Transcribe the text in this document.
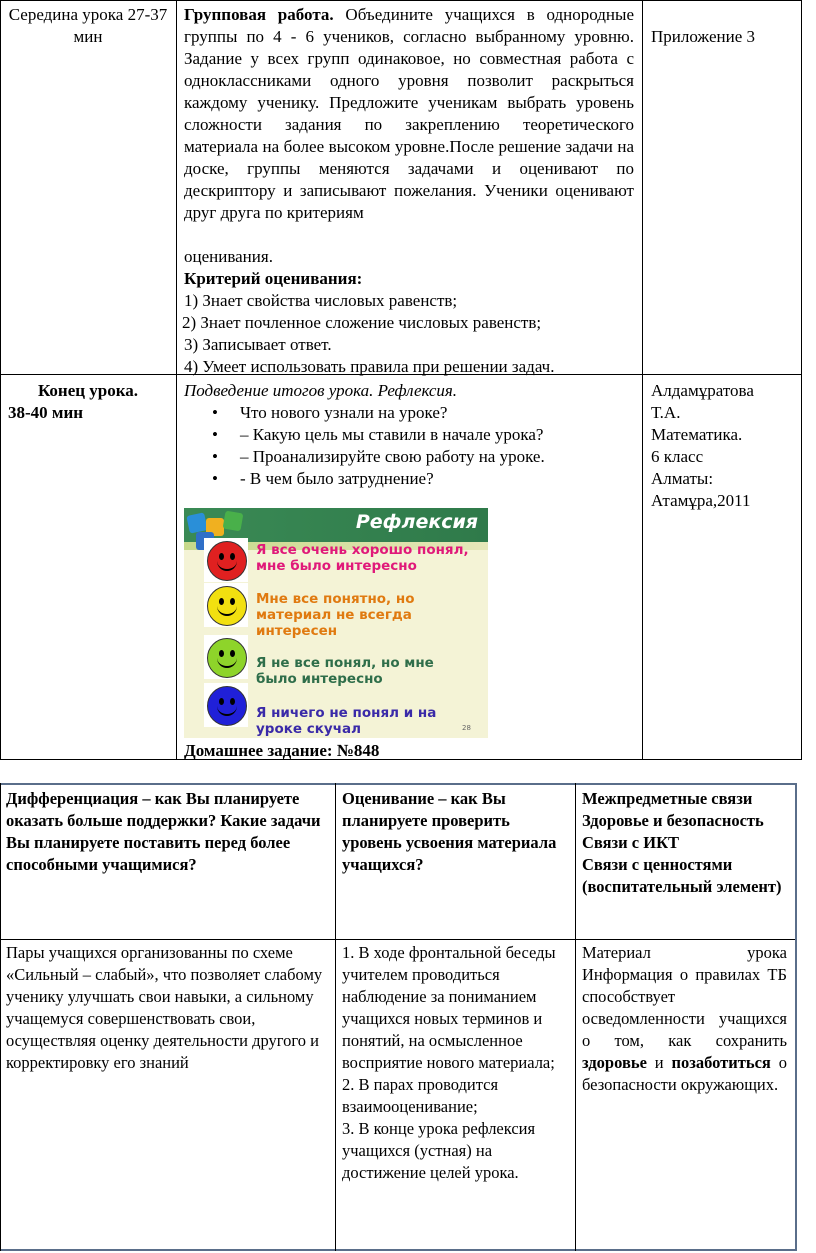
Середина урока 27-37 мин
Групповая работа. Объедините учащихся в однородные группы по 4 - 6 учеников, согласно выбранному уровню. Задание у всех групп одинаковое, но совместная работа с одноклассниками одного уровня позволит раскрыться каждому ученику. Предложите ученикам выбрать уровень сложности задания по закреплению теоретического материала на более высоком уровне.После решение задачи на доске, группы меняются задачами и оценивают по дескриптору и записывают пожелания. Ученики оценивают друг друга по критериям
оценивания.
Критерий оценивания:
1) Знает свойства числовых равенств;
2) Знает почленное сложение числовых равенств;
3) Записывает ответ.
4) Умеет использовать правила при решении задач.
Приложение 3
Конец урока.
38-40 мин
Подведение итогов урока. Рефлексия.
• Что нового узнали на уроке?
• – Какую цель мы ставили в начале урока?
• – Проанализируйте свою работу на уроке.
• - В чем было затруднение?
Рефлексия
Я все очень хорошо понял, мне было интересно
Мне все понятно, но материал не всегда интересен
Я не все понял, но мне было интересно
Я ничего не понял и на уроке скучал	28
Домашнее задание: №848
Алдамұратова
Т.А.
Математика.
6 класс
Алматы:
Атамұра,2011
Дифференциация – как Вы планируете оказать больше поддержки? Какие задачи Вы планируете поставить перед более способными учащимися?
Оценивание – как Вы планируете проверить уровень усвоения материала учащихся?
Межпредметные связи
Здоровье и безопасность
Связи с ИКТ
Связи с ценностями (воспитательный элемент)
Пары учащихся организованны по схеме «Сильный – слабый», что позволяет слабому ученику улучшать свои навыки, а сильному учащемуся совершенствовать свои, осуществляя оценку деятельности другого и корректировку его знаний
1. В ходе фронтальной беседы учителем проводиться наблюдение за пониманием учащихся новых терминов и понятий, на осмысленное восприятие нового материала;
2. В парах проводится взаимооценивание;
3. В конце урока рефлексия учащихся (устная) на достижение целей урока.
Материал урока Информация о правилах ТБ способствует осведомленности учащихся о том, как сохранить здоровье и позаботиться о безопасности окружающих.
